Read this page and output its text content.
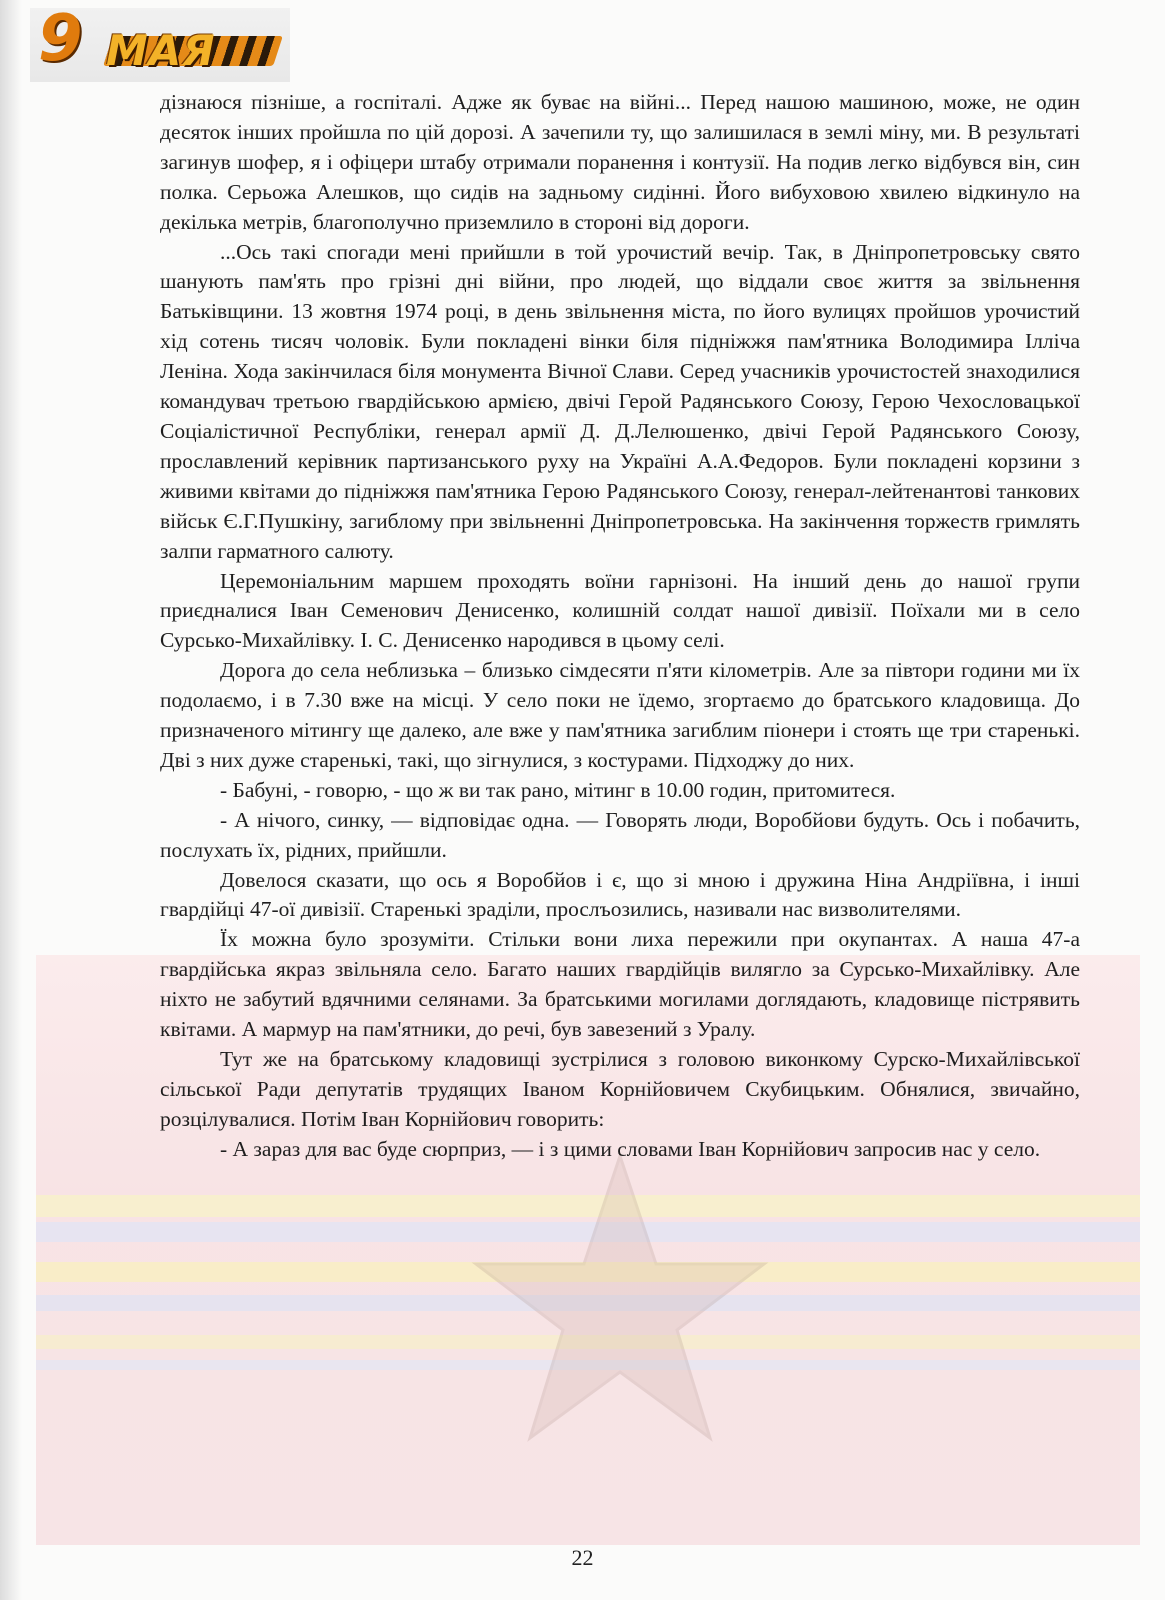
9 МАЯ

дізнаюся пізніше, а госпіталі. Адже як буває на війні... Перед нашою машиною, може, не один десяток інших пройшла по цій дорозі. А зачепили ту, що залишилася в землі міну, ми. В результаті загинув шофер, я і офіцери штабу отримали поранення і контузії. На подив легко відбувся він, син полка. Серьожа Алешков, що сидів на задньому сидінні. Його вибуховою хвилею відкинуло на декілька метрів, благополучно приземлило в стороні від дороги.

...Ось такі спогади мені прийшли в той урочистий вечір. Так, в Дніпропетровську свято шанують пам'ять про грізні дні війни, про людей, що віддали своє життя за звільнення Батьківщини. 13 жовтня 1974 році, в день звільнення міста, по його вулицях пройшов урочистий хід сотень тисяч чоловік. Були покладені вінки біля підніжжя пам'ятника Володимира Ілліча Леніна. Хода закінчилася біля монумента Вічної Слави. Серед учасників урочистостей знаходилися командувач третьою гвардійською армією, двічі Герой Радянського Союзу, Герою Чехословацької Соціалістичної Республіки, генерал армії Д. Д.Лелюшенко, двічі Герой Радянського Союзу, прославлений керівник партизанського руху на Україні А.А.Федоров. Були покладені корзини з живими квітами до підніжжя пам'ятника Герою Радянського Союзу, генерал-лейтенантові танкових військ Є.Г.Пушкіну, загиблому при звільненні Дніпропетровська. На закінчення торжеств гримлять залпи гарматного салюту.

Церемоніальним маршем проходять воїни гарнізоні. На інший день до нашої групи приєдналися Іван Семенович Денисенко, колишній солдат нашої дивізії. Поїхали ми в село Сурсько-Михайлівку. І. С. Денисенко народився в цьому селі.

Дорога до села неблизька – близько сімдесяти п'яти кілометрів. Але за півтори години ми їх подолаємо, і в 7.30 вже на місці. У село поки не їдемо, згортаємо до братського кладовища. До призначеного мітингу ще далеко, але вже у пам'ятника загиблим піонери і стоять ще три старенькі. Дві з них дуже старенькі, такі, що зігнулися, з костурами. Підходжу до них.

- Бабуні, - говорю, - що ж ви так рано, мітинг в 10.00 годин, притомитеся.

- А нічого, синку, — відповідає одна. — Говорять люди, Воробйови будуть. Ось і побачить, послухать їх, рідних, прийшли.

Довелося сказати, що ось я Воробйов і є, що зі мною і дружина Ніна Андріївна, і інші гвардійці 47-ої дивізії. Старенькі зраділи, прослъозились, називали нас визволителями.

Їх можна було зрозуміти. Стільки вони лиха пережили при окупантах. А наша 47-а гвардійська якраз звільняла село. Багато наших гвардійців вилягло за Сурсько-Михайлівку. Але ніхто не забутий вдячними селянами. За братськими могилами доглядають, кладовище пістрявить квітами. А мармур на пам'ятники, до речі, був завезений з Уралу.

Тут же на братському кладовищі зустрілися з головою виконкому Сурско-Михайлівської сільської Ради депутатів трудящих Іваном Корнійовичем Скубицьким. Обнялися, звичайно, розцілувалися. Потім Іван Корнійович говорить:

- А зараз для вас буде сюрприз, — і з цими словами Іван Корнійович запросив нас у село.

22
